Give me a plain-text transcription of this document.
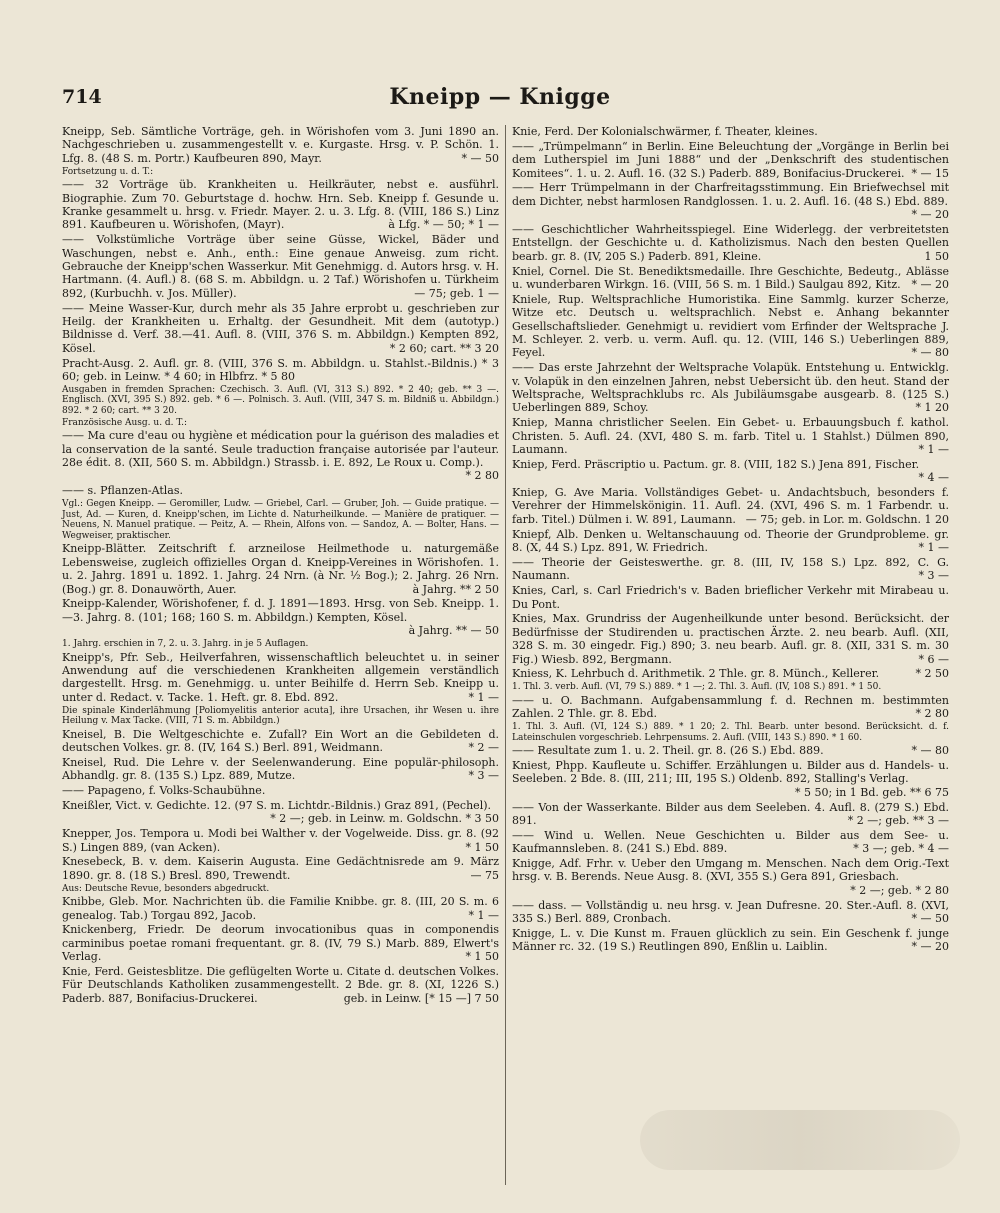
714	Kneipp — Knigge
Kneipp, Seb. Sämtliche Vorträge, geh. in Wörishofen vom 3. Juni 1890 an. Nachgeschrieben u. zusammengestellt v. e. Kurgaste. Hrsg. v. P. Schön. 1. Lfg. 8. (48 S. m. Portr.) Kaufbeuren 890, Mayr.	* — 50
Fortsetzung u. d. T.:
—— 32 Vorträge üb. Krankheiten u. Heilkräuter, nebst e. ausführl. Biographie. Zum 70. Geburtstage d. hochw. Hrn. Seb. Kneipp f. Gesunde u. Kranke gesammelt u. hrsg. v. Friedr. Mayer. 2. u. 3. Lfg. 8. (VIII, 186 S.) Linz 891. Kaufbeuren u. Wörishofen, (Mayr).	à Lfg. * — 50; * 1 —
—— Volkstümliche Vorträge über seine Güsse, Wickel, Bäder und Waschungen, nebst e. Anh., enth.: Eine genaue Anweisg. zum richt. Gebrauche der Kneipp'schen Wasserkur. Mit Genehmigg. d. Autors hrsg. v. H. Hartmann. (4. Aufl.) 8. (68 S. m. Abbildgn. u. 2 Taf.) Wörishofen u. Türkheim 892, (Kurbuchh. v. Jos. Müller).	— 75; geb. 1 —
—— Meine Wasser-Kur, durch mehr als 35 Jahre erprobt u. geschrieben zur Heilg. der Krankheiten u. Erhaltg. der Gesundheit. Mit dem (autotyp.) Bildnisse d. Verf. 38.—41. Aufl. 8. (VIII, 376 S. m. Abbildgn.) Kempten 892, Kösel.	* 2 60; cart. ** 3 20
Pracht-Ausg. 2. Aufl. gr. 8. (VIII, 376 S. m. Abbildgn. u. Stahlst.-Bildnis.) * 3 60; geb. in Leinw. * 4 60; in Hlbfrz. * 5 80
Ausgaben in fremden Sprachen: Czechisch. 3. Aufl. (VI, 313 S.) 892. * 2 40; geb. ** 3 —. Englisch. (XVI, 395 S.) 892. geb. * 6 —. Polnisch. 3. Aufl. (VIII, 347 S. m. Bildniß u. Abbildgn.) 892. * 2 60; cart. ** 3 20.
Französische Ausg. u. d. T.:
—— Ma cure d'eau ou hygiène et médication pour la guérison des maladies et la conservation de la santé. Seule traduction française autorisée par l'auteur. 28e édit. 8. (XII, 560 S. m. Abbildgn.) Strassb. i. E. 892, Le Roux u. Comp.).
* 2 80
—— s. Pflanzen-Atlas.
Vgl.: Gegen Kneipp. — Geromiller, Ludw. — Griebel, Carl. — Gruber, Joh. — Guide pratique. — Just, Ad. — Kuren, d. Kneipp'schen, im Lichte d. Naturheilkunde. — Manière de pratiquer. — Neuens, N. Manuel pratique. — Peitz, A. — Rhein, Alfons von. — Sandoz, A. — Bolter, Hans. — Wegweiser, praktischer.
Kneipp-Blätter. Zeitschrift f. arzneilose Heilmethode u. naturgemäße Lebensweise, zugleich offizielles Organ d. Kneipp-Vereines in Wörishofen. 1. u. 2. Jahrg. 1891 u. 1892. 1. Jahrg. 24 Nrn. (à Nr. ½ Bog.); 2. Jahrg. 26 Nrn. (Bog.) gr. 8. Donauwörth, Auer.	à Jahrg. ** 2 50
Kneipp-Kalender, Wörishofener, f. d. J. 1891—1893. Hrsg. von Seb. Kneipp. 1.—3. Jahrg. 8. (101; 168; 160 S. m. Abbildgn.) Kempten, Kösel.
à Jahrg. ** — 50
1. Jahrg. erschien in 7, 2. u. 3. Jahrg. in je 5 Auflagen.
Kneipp's, Pfr. Seb., Heilverfahren, wissenschaftlich beleuchtet u. in seiner Anwendung auf die verschiedenen Krankheiten allgemein verständlich dargestellt. Hrsg. m. Genehmigg. u. unter Beihilfe d. Herrn Seb. Kneipp u. unter d. Redact. v. Tacke. 1. Heft. gr. 8. Ebd. 892.	* 1 —
Die spinale Kinderlähmung [Poliomyelitis anterior acuta], ihre Ursachen, ihr Wesen u. ihre Heilung v. Max Tacke. (VIII, 71 S. m. Abbildgn.)
Kneisel, B. Die Weltgeschichte e. Zufall? Ein Wort an die Gebildeten d. deutschen Volkes. gr. 8. (IV, 164 S.) Berl. 891, Weidmann.	* 2 —
Kneisel, Rud. Die Lehre v. der Seelenwanderung. Eine populär-philosoph. Abhandlg. gr. 8. (135 S.) Lpz. 889, Mutze.	* 3 —
—— Papageno, f. Volks-Schaubühne.
Kneißler, Vict. v. Gedichte. 12. (97 S. m. Lichtdr.-Bildnis.) Graz 891, (Pechel).
* 2 —; geb. in Leinw. m. Goldschn. * 3 50
Knepper, Jos. Tempora u. Modi bei Walther v. der Vogelweide. Diss. gr. 8. (92 S.) Lingen 889, (van Acken).	* 1 50
Knesebeck, B. v. dem. Kaiserin Augusta. Eine Gedächtnisrede am 9. März 1890. gr. 8. (18 S.) Bresl. 890, Trewendt.	— 75
Aus: Deutsche Revue, besonders abgedruckt.
Knibbe, Gleb. Mor. Nachrichten üb. die Familie Knibbe. gr. 8. (III, 20 S. m. 6 genealog. Tab.) Torgau 892, Jacob.	* 1 —
Knickenberg, Friedr. De deorum invocationibus quas in componendis carminibus poetae romani frequentant. gr. 8. (IV, 79 S.) Marb. 889, Elwert's Verlag.	* 1 50
Knie, Ferd. Geistesblitze. Die geflügelten Worte u. Citate d. deutschen Volkes. Für Deutschlands Katholiken zusammengestellt. 2 Bde. gr. 8. (XI, 1226 S.) Paderb. 887, Bonifacius-Druckerei.	geb. in Leinw. [* 15 —] 7 50
Knie, Ferd. Der Kolonialschwärmer, f. Theater, kleines.
—— „Trümpelmann“ in Berlin. Eine Beleuchtung der „Vorgänge in Berlin bei dem Lutherspiel im Juni 1888“ und der „Denkschrift des studentischen Komitees“. 1. u. 2. Aufl. 16. (32 S.) Paderb. 889, Bonifacius-Druckerei. * — 15
—— Herr Trümpelmann in der Charfreitagsstimmung. Ein Briefwechsel mit dem Dichter, nebst harmlosen Randglossen. 1. u. 2. Aufl. 16. (48 S.) Ebd. 889.
* — 20
—— Geschichtlicher Wahrheitsspiegel. Eine Widerlegg. der verbreitetsten Entstellgn. der Geschichte u. d. Katholizismus. Nach den besten Quellen bearb. gr. 8. (IV, 205 S.) Paderb. 891, Kleine.	1 50
Kniel, Cornel. Die St. Benediktsmedaille. Ihre Geschichte, Bedeutg., Ablässe u. wunderbaren Wirkgn. 16. (VIII, 56 S. m. 1 Bild.) Saulgau 892, Kitz. * — 20
Kniele, Rup. Weltsprachliche Humoristika. Eine Sammlg. kurzer Scherze, Witze etc. Deutsch u. weltsprachlich. Nebst e. Anhang bekannter Gesellschaftslieder. Genehmigt u. revidiert vom Erfinder der Weltsprache J. M. Schleyer. 2. verb. u. verm. Aufl. qu. 12. (VIII, 146 S.) Ueberlingen 889, Feyel.	* — 80
—— Das erste Jahrzehnt der Weltsprache Volapük. Entstehung u. Entwicklg. v. Volapük in den einzelnen Jahren, nebst Uebersicht üb. den heut. Stand der Weltsprache, Weltsprachklubs rc. Als Jubiläumsgabe ausgearb. 8. (125 S.) Ueberlingen 889, Schoy.	* 1 20
Kniep, Manna christlicher Seelen. Ein Gebet- u. Erbauungsbuch f. kathol. Christen. 5. Aufl. 24. (XVI, 480 S. m. farb. Titel u. 1 Stahlst.) Dülmen 890, Laumann.	* 1 —
Kniep, Ferd. Präscriptio u. Pactum. gr. 8. (VIII, 182 S.) Jena 891, Fischer.
* 4 —
Kniep, G. Ave Maria. Vollständiges Gebet- u. Andachtsbuch, besonders f. Verehrer der Himmelskönigin. 11. Aufl. 24. (XVI, 496 S. m. 1 Farbendr. u. farb. Titel.) Dülmen i. W. 891, Laumann. — 75; geb. in Lor. m. Goldschn. 1 20
Kniepf, Alb. Denken u. Weltanschauung od. Theorie der Grundprobleme. gr. 8. (X, 44 S.) Lpz. 891, W. Friedrich.	* 1 —
—— Theorie der Geisteswerthe. gr. 8. (III, IV, 158 S.) Lpz. 892, C. G. Naumann.	* 3 —
Knies, Carl, s. Carl Friedrich's v. Baden brieflicher Verkehr mit Mirabeau u. Du Pont.
Knies, Max. Grundriss der Augenheilkunde unter besond. Berücksicht. der Bedürfnisse der Studirenden u. practischen Ärzte. 2. neu bearb. Aufl. (XII, 328 S. m. 30 eingedr. Fig.) 890; 3. neu bearb. Aufl. gr. 8. (XII, 331 S. m. 30 Fig.) Wiesb. 892, Bergmann.	* 6 —
Kniess, K. Lehrbuch d. Arithmetik. 2 Thle. gr. 8. Münch., Kellerer.	* 2 50
1. Thl. 3. verb. Aufl. (VI, 79 S.) 889. * 1 —; 2. Thl. 3. Aufl. (IV, 108 S.) 891. * 1 50.
—— u. O. Bachmann. Aufgabensammlung f. d. Rechnen m. bestimmten Zahlen. 2 Thle. gr. 8. Ebd.	* 2 80
1. Thl. 3. Aufl. (VI, 124 S.) 889. * 1 20; 2. Thl. Bearb. unter besond. Berücksicht. d. f. Lateinschulen vorgeschrieb. Lehrpensums. 2. Aufl. (VIII, 143 S.) 890. * 1 60.
—— Resultate zum 1. u. 2. Theil. gr. 8. (26 S.) Ebd. 889.	* — 80
Kniest, Phpp. Kaufleute u. Schiffer. Erzählungen u. Bilder aus d. Handels- u. Seeleben. 2 Bde. 8. (III, 211; III, 195 S.) Oldenb. 892, Stalling's Verlag.
* 5 50; in 1 Bd. geb. ** 6 75
—— Von der Wasserkante. Bilder aus dem Seeleben. 4. Aufl. 8. (279 S.) Ebd. 891.	* 2 —; geb. ** 3 —
—— Wind u. Wellen. Neue Geschichten u. Bilder aus dem See- u. Kaufmannsleben. 8. (241 S.) Ebd. 889.	* 3 —; geb. * 4 —
Knigge, Adf. Frhr. v. Ueber den Umgang m. Menschen. Nach dem Orig.-Text hrsg. v. B. Berends. Neue Ausg. 8. (XVI, 355 S.) Gera 891, Griesbach.
* 2 —; geb. * 2 80
—— dass. — Vollständig u. neu hrsg. v. Jean Dufresne. 20. Ster.-Aufl. 8. (XVI, 335 S.) Berl. 889, Cronbach.	* — 50
Knigge, L. v. Die Kunst m. Frauen glücklich zu sein. Ein Geschenk f. junge Männer rc. 32. (19 S.) Reutlingen 890, Enßlin u. Laiblin.	* — 20
